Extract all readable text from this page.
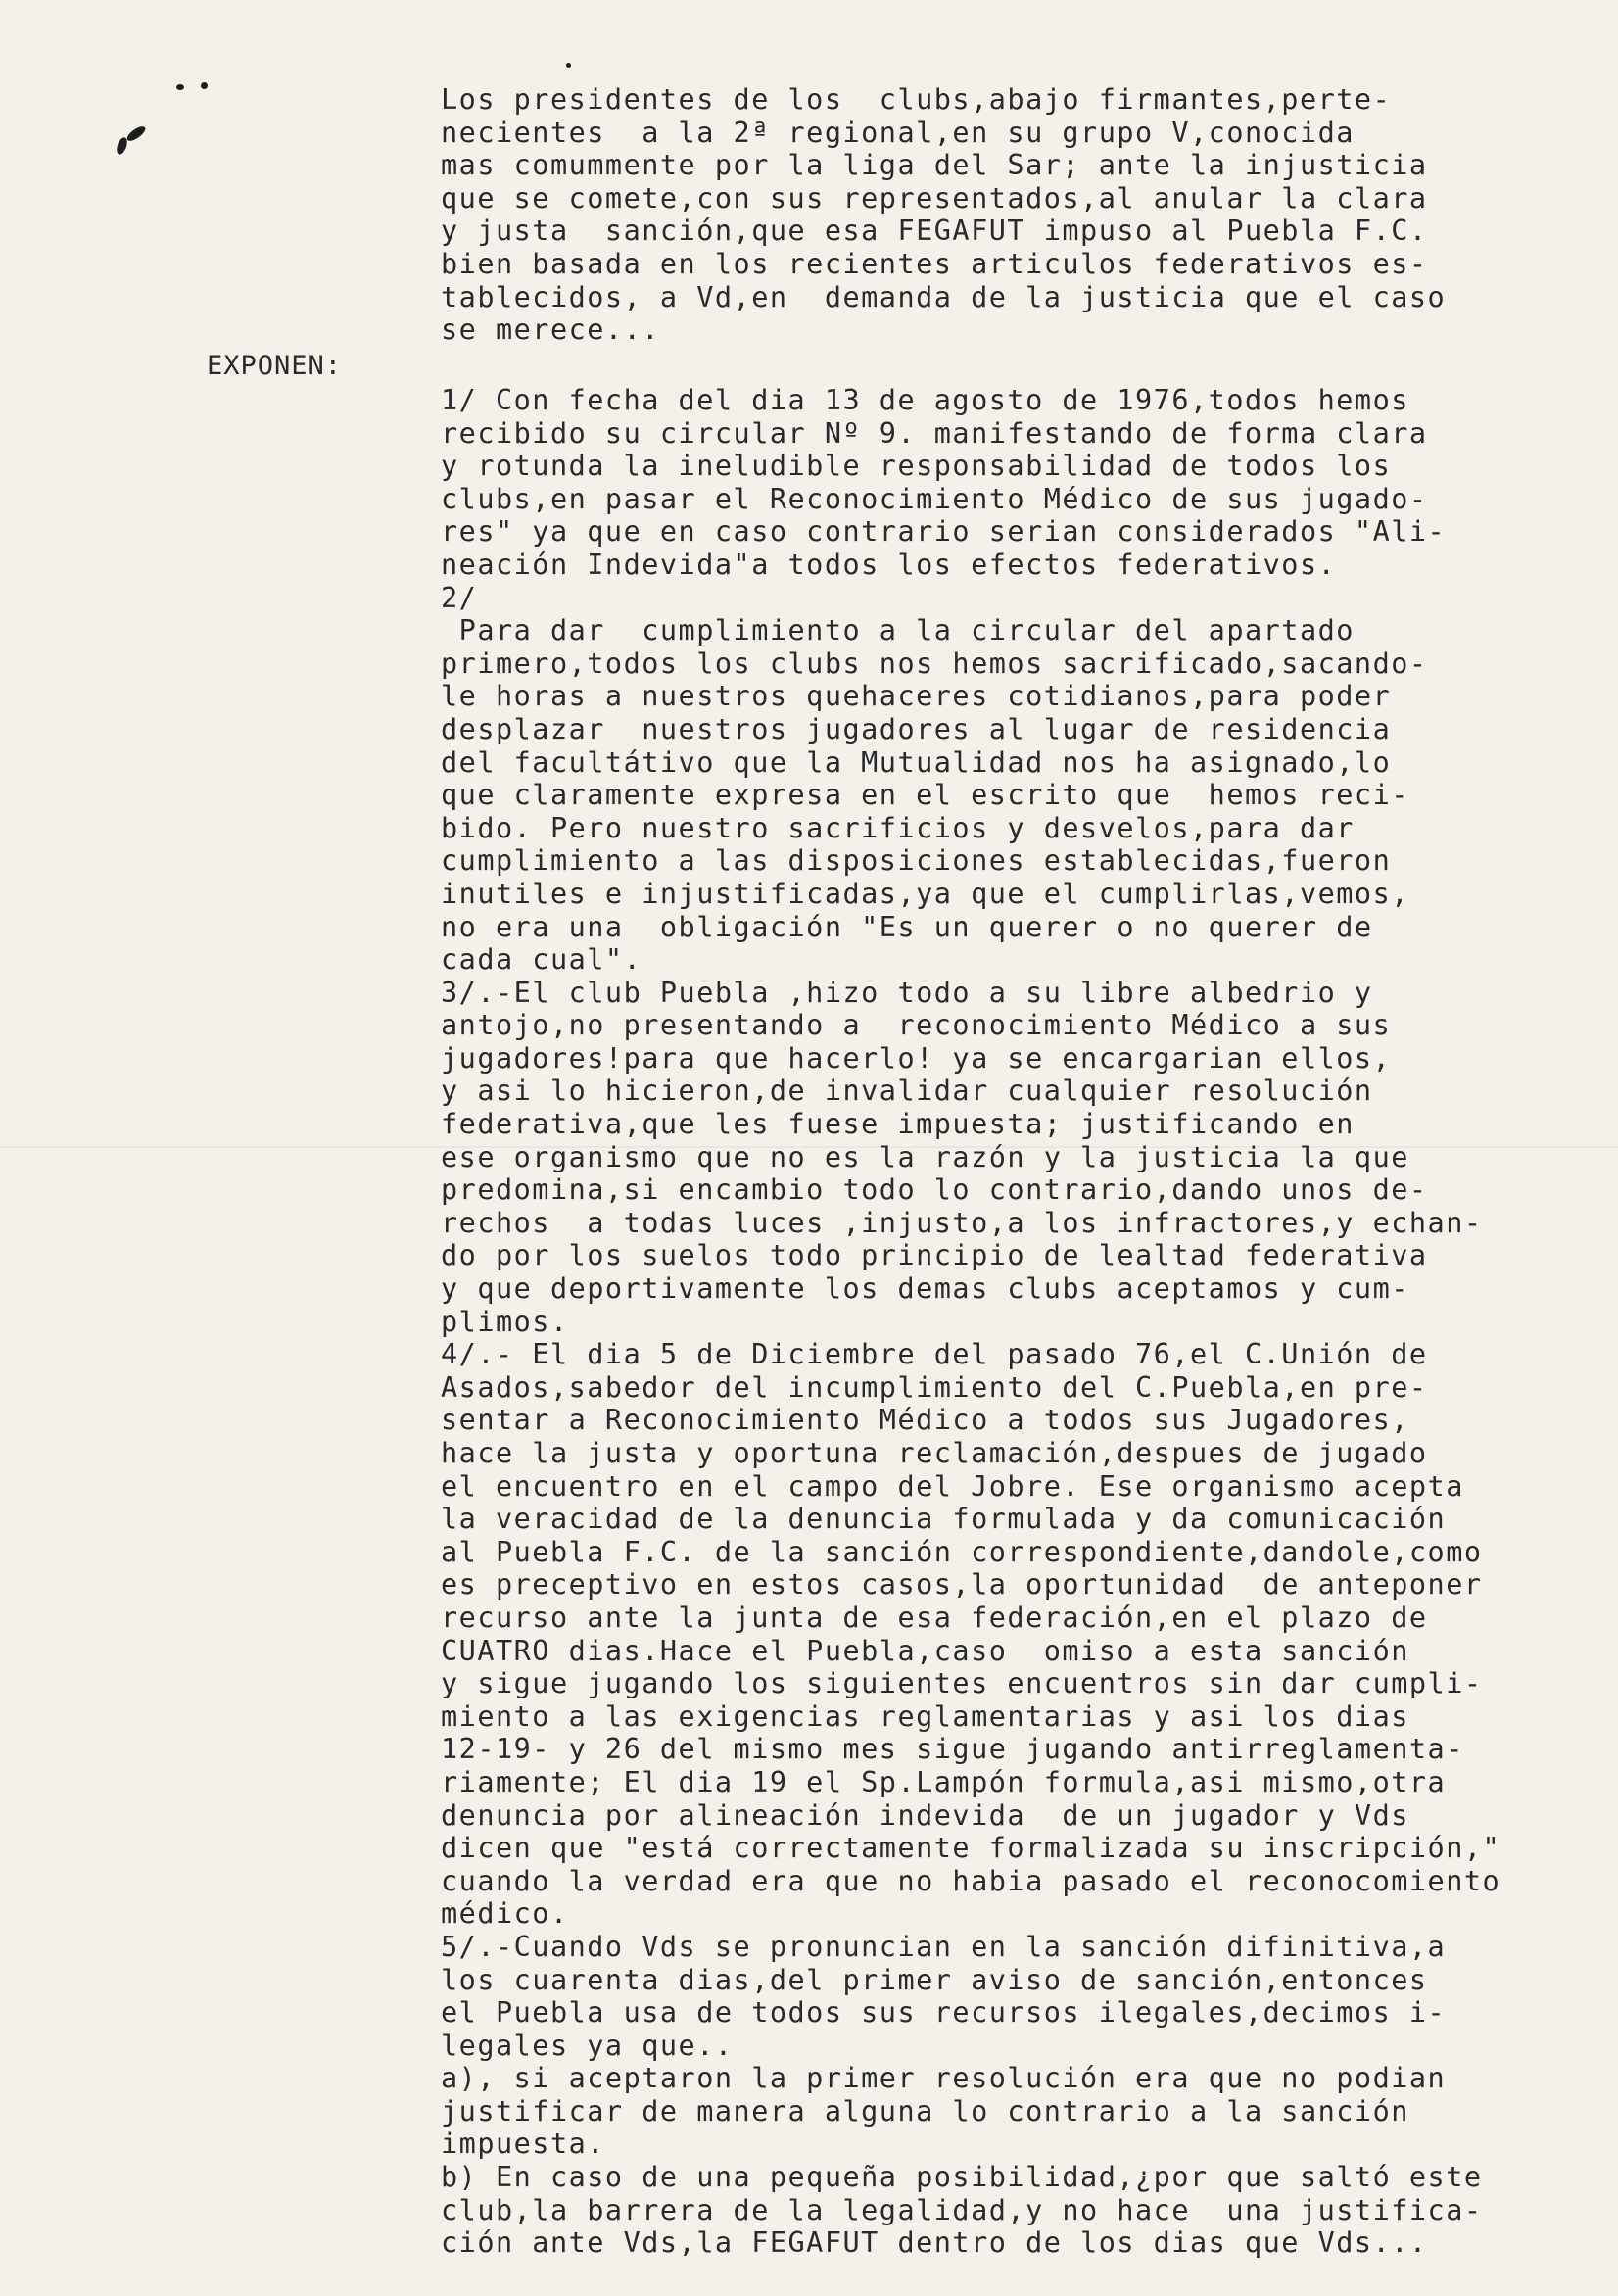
EXPONEN:
Los presidentes de los  clubs,abajo firmantes,perte-
necientes  a la 2ª regional,en su grupo V,conocida
mas comummente por la liga del Sar; ante la injusticia
que se comete,con sus representados,al anular la clara
y justa  sanción,que esa FEGAFUT impuso al Puebla F.C.
bien basada en los recientes articulos federativos es-
tablecidos, a Vd,en  demanda de la justicia que el caso
se merece...
1/ Con fecha del dia 13 de agosto de 1976,todos hemos
recibido su circular Nº 9. manifestando de forma clara
y rotunda la ineludible responsabilidad de todos los
clubs,en pasar el Reconocimiento Médico de sus jugado-
res" ya que en caso contrario serian considerados "Ali-
neación Indevida"a todos los efectos federativos.
2/
Para dar  cumplimiento a la circular del apartado
primero,todos los clubs nos hemos sacrificado,sacando-
le horas a nuestros quehaceres cotidianos,para poder
desplazar  nuestros jugadores al lugar de residencia
del facultátivo que la Mutualidad nos ha asignado,lo
que claramente expresa en el escrito que  hemos reci-
bido. Pero nuestro sacrificios y desvelos,para dar
cumplimiento a las disposiciones establecidas,fueron
inutiles e injustificadas,ya que el cumplirlas,vemos,
no era una  obligación "Es un querer o no querer de
cada cual".
3/.-El club Puebla ,hizo todo a su libre albedrio y
antojo,no presentando a  reconocimiento Médico a sus
jugadores!para que hacerlo! ya se encargarian ellos,
y asi lo hicieron,de invalidar cualquier resolución
federativa,que les fuese impuesta; justificando en
ese organismo que no es la razón y la justicia la que
predomina,si encambio todo lo contrario,dando unos de-
rechos  a todas luces ,injusto,a los infractores,y echan-
do por los suelos todo principio de lealtad federativa
y que deportivamente los demas clubs aceptamos y cum-
plimos.
4/.- El dia 5 de Diciembre del pasado 76,el C.Unión de
Asados,sabedor del incumplimiento del C.Puebla,en pre-
sentar a Reconocimiento Médico a todos sus Jugadores,
hace la justa y oportuna reclamación,despues de jugado
el encuentro en el campo del Jobre. Ese organismo acepta
la veracidad de la denuncia formulada y da comunicación
al Puebla F.C. de la sanción correspondiente,dandole,como
es preceptivo en estos casos,la oportunidad  de anteponer
recurso ante la junta de esa federación,en el plazo de
CUATRO dias.Hace el Puebla,caso  omiso a esta sanción
y sigue jugando los siguientes encuentros sin dar cumpli-
miento a las exigencias reglamentarias y asi los dias
12-19- y 26 del mismo mes sigue jugando antirreglamenta-
riamente; El dia 19 el Sp.Lampón formula,asi mismo,otra
denuncia por alineación indevida  de un jugador y Vds
dicen que "está correctamente formalizada su inscripción,"
cuando la verdad era que no habia pasado el reconocomiento
médico.
5/.-Cuando Vds se pronuncian en la sanción difinitiva,a
los cuarenta dias,del primer aviso de sanción,entonces
el Puebla usa de todos sus recursos ilegales,decimos i-
legales ya que..
a), si aceptaron la primer resolución era que no podian
justificar de manera alguna lo contrario a la sanción
impuesta.
b) En caso de una pequeña posibilidad,¿por que saltó este
club,la barrera de la legalidad,y no hace  una justifica-
ción ante Vds,la FEGAFUT dentro de los dias que Vds...
